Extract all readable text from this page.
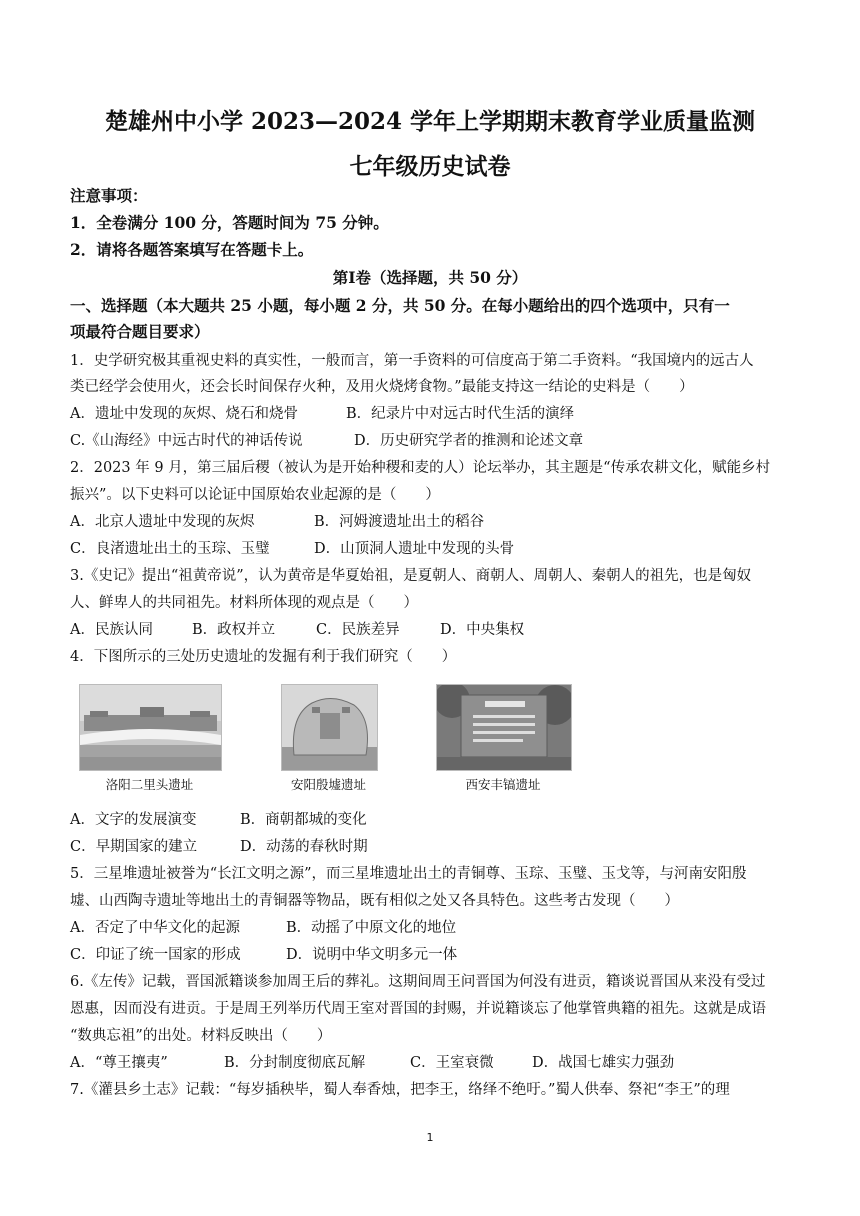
楚雄州中小学 2023—2024 学年上学期期末教育学业质量监测
七年级历史试卷
注意事项：
1．全卷满分 100 分，答题时间为 75 分钟。
2．请将各题答案填写在答题卡上。
第Ⅰ卷（选择题，共 50 分）
一、选择题（本大题共 25 小题，每小题 2 分，共 50 分。在每小题给出的四个选项中，只有一
项最符合题目要求）
1．史学研究极其重视史料的真实性，一般而言，第一手资料的可信度高于第二手资料。“我国境内的远古人
类已经学会使用火，还会长时间保存火种，及用火烧烤食物。”最能支持这一结论的史料是（　　）
A．遗址中发现的灰烬、烧石和烧骨	B．纪录片中对远古时代生活的演绎
C.《山海经》中远古时代的神话传说	D．历史研究学者的推测和论述文章
2．2023 年 9 月，第三届后稷（被认为是开始种稷和麦的人）论坛举办，其主题是“传承农耕文化，赋能乡村
振兴”。以下史料可以论证中国原始农业起源的是（　　）
A．北京人遗址中发现的灰烬	B．河姆渡遗址出土的稻谷
C．良渚遗址出土的玉琮、玉璧	D．山顶洞人遗址中发现的头骨
3.《史记》提出“祖黄帝说”，认为黄帝是华夏始祖，是夏朝人、商朝人、周朝人、秦朝人的祖先，也是匈奴
人、鲜卑人的共同祖先。材料所体现的观点是（　　）
A．民族认同	B．政权并立	C．民族差异	D．中央集权
4．下图所示的三处历史遗址的发掘有利于我们研究（　　）
洛阳二里头遗址	安阳殷墟遗址	西安丰镐遗址
A．文字的发展演变	B．商朝都城的变化
C．早期国家的建立	D．动荡的春秋时期
5．三星堆遗址被誉为“长江文明之源”，而三星堆遗址出土的青铜尊、玉琮、玉璧、玉戈等，与河南安阳殷
墟、山西陶寺遗址等地出土的青铜器等物品，既有相似之处又各具特色。这些考古发现（　　）
A．否定了中华文化的起源	B．动摇了中原文化的地位
C．印证了统一国家的形成	D．说明中华文明多元一体
6.《左传》记载，晋国派籍谈参加周王后的葬礼。这期间周王问晋国为何没有进贡，籍谈说晋国从来没有受过
恩惠，因而没有进贡。于是周王列举历代周王室对晋国的封赐，并说籍谈忘了他掌管典籍的祖先。这就是成语
“数典忘祖”的出处。材料反映出（　　）
A．“尊王攘夷”	B．分封制度彻底瓦解	C．王室衰微	D．战国七雄实力强劲
7.《灌县乡土志》记载：“每岁插秧毕，蜀人奉香烛，把李王，络绎不绝吁。”蜀人供奉、祭祀“李王”的理
1
